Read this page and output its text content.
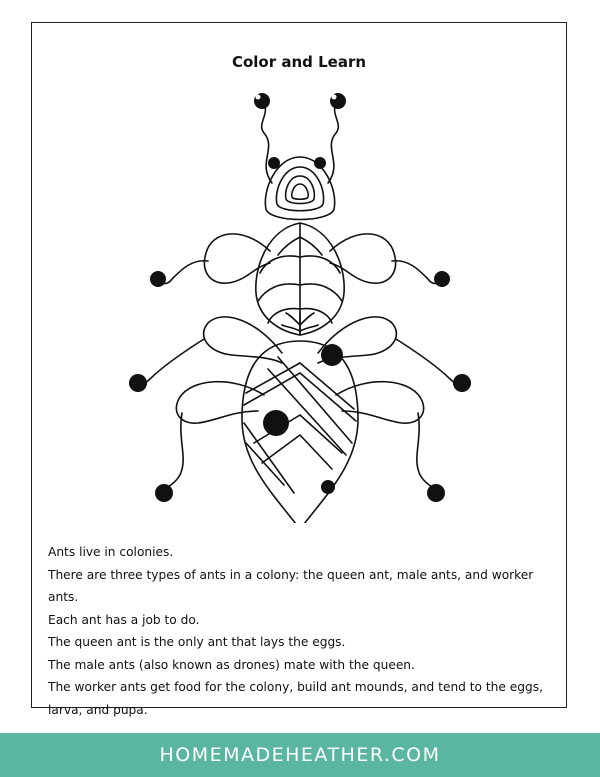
Color and Learn
Ants live in colonies.
There are three types of ants in a colony: the queen ant, male ants, and worker ants.
Each ant has a job to do.
The queen ant is the only ant that lays the eggs.
The male ants (also known as drones) mate with the queen.
The worker ants get food for the colony, build ant mounds, and tend to the eggs, larva, and pupa.
HOMEMADEHEATHER.COM
